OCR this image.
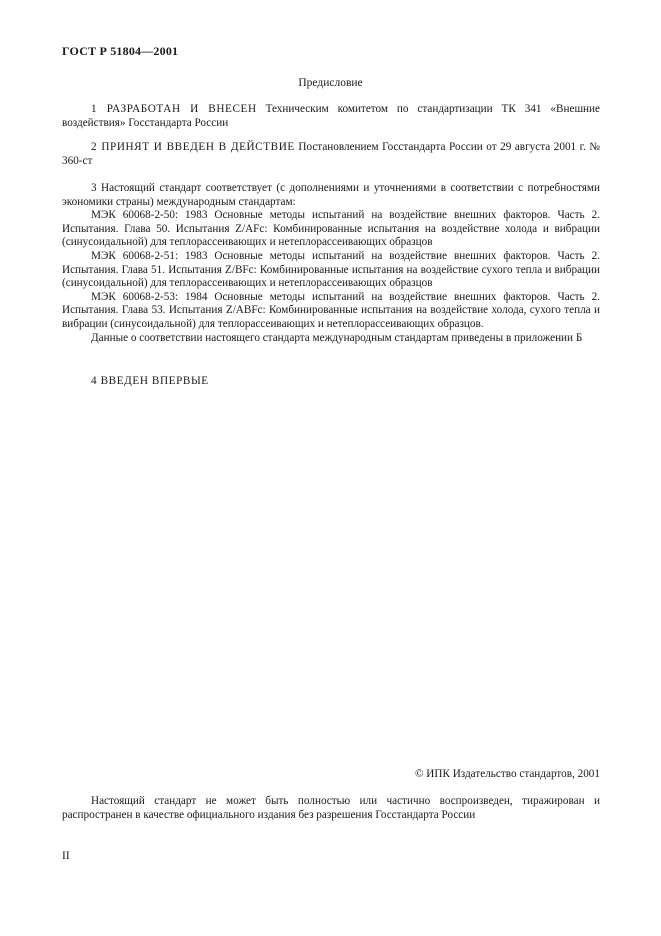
ГОСТ Р 51804—2001
Предисловие

1 РАЗРАБОТАН И ВНЕСЕН Техническим комитетом по стандартизации ТК 341 «Внешние воздействия» Госстандарта России

2 ПРИНЯТ И ВВЕДЕН В ДЕЙСТВИЕ Постановлением Госстандарта России от 29 августа 2001 г. № 360-ст

3 Настоящий стандарт соответствует (с дополнениями и уточнениями в соответствии с потребностями экономики страны) международным стандартам:

МЭК 60068-2-50: 1983 Основные методы испытаний на воздействие внешних факторов. Часть 2. Испытания. Глава 50. Испытания Z/AFc: Комбинированные испытания на воздействие холода и вибрации (синусоидальной) для теплорассеивающих и нетеплорассеивающих образцов

МЭК 60068-2-51: 1983 Основные методы испытаний на воздействие внешних факторов. Часть 2. Испытания. Глава 51. Испытания Z/BFc: Комбинированные испытания на воздействие сухого тепла и вибрации (синусоидальной) для теплорассеивающих и нетеплорассеивающих образцов

МЭК 60068-2-53: 1984 Основные методы испытаний на воздействие внешних факторов. Часть 2. Испытания. Глава 53. Испытания Z/ABFc: Комбинированные испытания на воздействие холода, сухого тепла и вибрации (синусоидальной) для теплорассеивающих и нетеплорассеивающих образцов.

Данные о соответствии настоящего стандарта международным стандартам приведены в приложении Б

4 ВВЕДЕН ВПЕРВЫЕ

© ИПК Издательство стандартов, 2001

Настоящий стандарт не может быть полностью или частично воспроизведен, тиражирован и распространен в качестве официального издания без разрешения Госстандарта России

II
